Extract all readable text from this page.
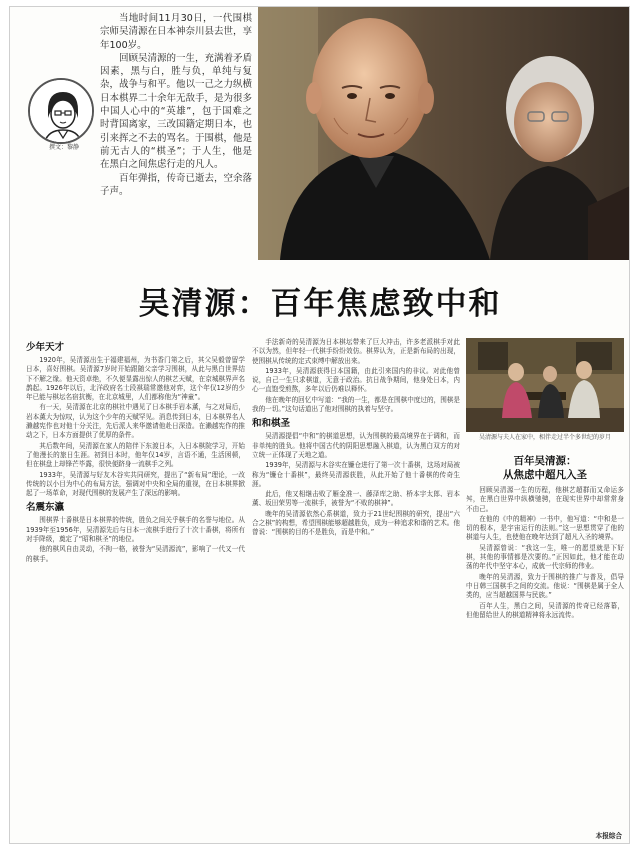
撰文：黎静

当地时间11月30日，一代围棋宗师吴清源在日本神奈川县去世，享年100岁。

回顾吴清源的一生，充满着矛盾因素，黑与白，胜与负，单纯与复杂，战争与和平。他以一己之力纵横日本棋界二十余年无敌手，是为很多中国人心中的“英雄”，包于国难之时背国离家，三改国籍定期日本，也引来挥之不去的骂名。于围棋，他是前无古人的“棋圣”；于人生，他是在黑白之间焦虑行走的凡人。

百年弹指，传奇已逝去，空余落子声。

吴清源：百年焦虑致中和
少年天才

1920年，吴清源出生于福建福州，为书香门第之后，其父吴毅曾留学日本，喜好围棋。吴清源7岁时开始跟随父亲学习围棋，从此与黑白世界结下不解之缘。他天资卓绝，不久便显露出惊人的棋艺天赋，在京城棋界声名鹊起。1926年以后，北洋政府名士段祺瑞常邀他对弈，这个年仅12岁的少年已能与棋坛名宿抗衡，在北京城里，人们都称他为“神童”。

有一天，吴清源在北京的棋社中遇见了日本棋手岩本薰，与之对局后，岩本薰大为惊叹，认为这个少年的天赋罕见。消息传到日本，日本棋界名人濑越宪作也对他十分关注，先后派人来华邀请他赴日深造。在濑越宪作的推动之下，日本方面提供了优厚的条件。

其后数年间，吴清源在家人的陪伴下东渡日本，入日本棋院学习，开始了他漫长的旅日生涯。初到日本时，他年仅14岁，言语不通，生活困顿，但在棋盘上却锋芒毕露，很快便跻身一流棋手之列。

1933年，吴清源与好友木谷实共同研究，提出了“新布局”理论，一改传统的以小目为中心的布局方法，强调对中央和全局的重视，在日本棋界掀起了一场革命，对现代围棋的发展产生了深远的影响。

名震东瀛

围棋界十番棋是日本棋界的传统，胜负之间关乎棋手的名誉与地位。从1939年至1956年，吴清源先后与日本一流棋手进行了十次十番棋，将所有对手降级，奠定了“昭和棋圣”的地位。

他的棋风自由灵动，不拘一格，被誉为“吴清源流”，影响了一代又一代的棋手。

手法新奇的吴清源为日本棋坛带来了巨大冲击，许多老派棋手对此不以为然，但年轻一代棋手纷纷效仿。棋界认为，正是新布局的出现，使围棋从传统的定式束缚中解放出来。

1933年，吴清源获得日本国籍，由此引来国内的非议。对此他曾说，自己一生只求棋道，无意于政治。抗日战争期间，他身处日本，内心一直饱受煎熬，多年以后仍难以释怀。

他在晚年的回忆中写道：“我的一生，都是在围棋中度过的，围棋是我的一切。”这句话道出了他对围棋的执着与坚守。

和和棋圣

吴清源提倡“中和”的棋道思想，认为围棋的最高境界在于调和，而非单纯的胜负。他将中国古代的阴阳思想融入棋道，认为黑白双方的对立统一正体现了天地之道。

1939年，吴清源与木谷实在镰仓进行了第一次十番棋，这场对局被称为“镰仓十番棋”，最终吴清源获胜，从此开始了他十番棋的传奇生涯。

此后，他又相继击败了雁金准一、藤泽库之助、桥本宇太郎、岩本薰、坂田荣男等一流棋手，被誉为“不败的棋神”。

晚年的吴清源依然心系棋道，致力于21世纪围棋的研究，提出“六合之棋”的构想，希望围棋能够超越胜负，成为一种追求和谐的艺术。他曾说：“围棋的目的不是胜负，而是中和。”

吴清源与夫人在家中，相伴走过半个多世纪的岁月
百年吴清源：
从焦虑中超凡入圣

回顾吴清源一生的历程，他棋艺超群而又命运多舛，在黑白世界中纵横驰骋，在现实世界中却常常身不由己。

在他的《中的精神》一书中，他写道：“中和是一切的根本，是宇宙运行的法则。”这一思想贯穿了他的棋道与人生，也使他在晚年达到了超凡入圣的境界。

吴清源曾说：“我这一生，唯一的愿望就是下好棋，其他的事情都是次要的。”正因如此，他才能在动荡的年代中坚守本心，成就一代宗师的伟业。

晚年的吴清源，致力于围棋的推广与普及，倡导中日韩三国棋手之间的交流。他说：“围棋是属于全人类的，应当超越国界与民族。”

百年人生，黑白之间，吴清源的传奇已经落幕，但他留给世人的棋道精神将永远流传。

本报综合
